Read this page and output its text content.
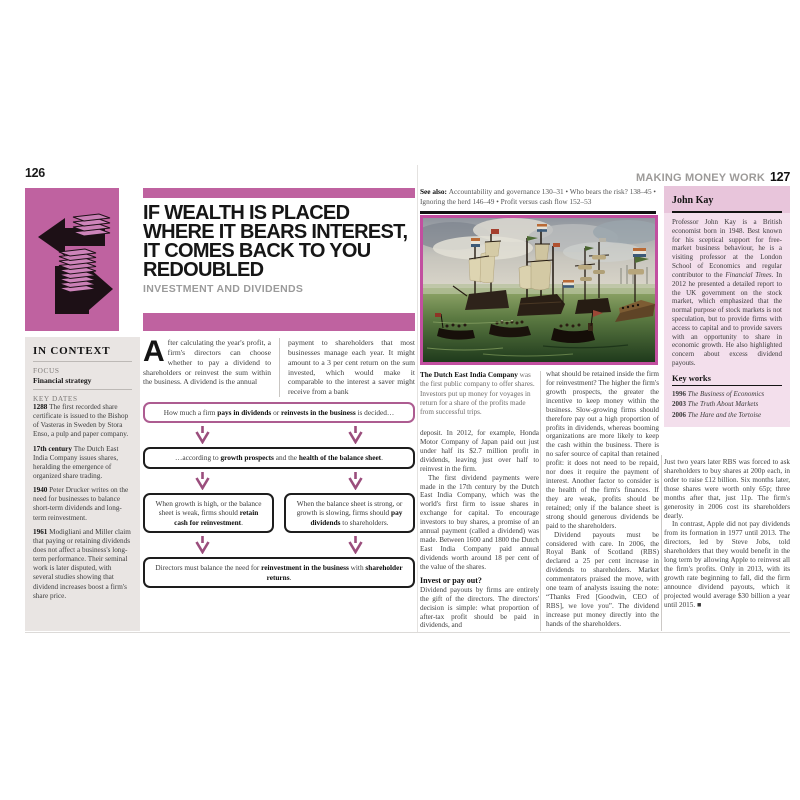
126
IF WEALTH IS PLACED
WHERE IT BEARS INTEREST,
IT COMES BACK TO YOU
REDOUBLED
INVESTMENT AND DIVIDENDS
IN CONTEXT
FOCUS
Financial strategy
KEY DATES

1288 The first recorded share certificate is issued to the Bishop of Vasteras in Sweden by Stora Enso, a pulp and paper company.

17th century The Dutch East India Company issues shares, heralding the emergence of organized share trading.

1940 Peter Drucker writes on the need for businesses to balance short-term dividends and long-term reinvestment.

1961 Modigliani and Miller claim that paying or retaining dividends does not affect a business's long-term performance. Their seminal work is later disputed, with several studies showing that dividend increases boost a firm's share price.

After calculating the year's profit, a firm's directors can choose whether to pay a dividend to shareholders or reinvest the sum within the business. A dividend is the annual
payment to shareholders that most businesses manage each year. It might amount to a 3 per cent return on the sum invested, which would make it comparable to the interest a saver might receive from a bank
How much a firm pays in dividends or reinvests in the business is decided…
…according to growth prospects and the health of the balance sheet.
When growth is high, or the balance sheet is weak, firms should retain cash for reinvestment.
When the balance sheet is strong, or growth is slowing, firms should pay dividends to shareholders.
Directors must balance the need for reinvestment in the business with shareholder returns.
MAKING MONEY WORK 127
See also: Accountability and governance 130–31 • Who bears the risk? 138–45 • Ignoring the herd 146–49 • Profit versus cash flow 152–53
The Dutch East India Company was the first public company to offer shares. Investors put up money for voyages in return for a share of the profits made from successful trips.

deposit. In 2012, for example, Honda Motor Company of Japan paid out just under half its $2.7 million profit in dividends, leaving just over half to reinvest in the firm.

The first dividend payments were made in the 17th century by the Dutch East India Company, which was the world's first firm to issue shares in exchange for capital. To encourage investors to buy shares, a promise of an annual payment (called a dividend) was made. Between 1600 and 1800 the Dutch East India Company paid annual dividends worth around 18 per cent of the value of the shares.

Invest or pay out?

Dividend payouts by firms are entirely the gift of the directors. The directors' decision is simple: what proportion of after-tax profit should be paid in dividends, and

what should be retained inside the firm for reinvestment? The higher the firm's growth prospects, the greater the incentive to keep money within the business. Slow-growing firms should therefore pay out a high proportion of profits in dividends, whereas booming organizations are more likely to keep the cash within the business. There is no safer source of capital than retained profit: it does not need to be repaid, nor does it require the payment of interest. Another factor to consider is the health of the firm's finances. If they are weak, profits should be retained; only if the balance sheet is strong should generous dividends be paid to the shareholders.

Dividend payouts must be considered with care. In 2006, the Royal Bank of Scotland (RBS) declared a 25 per cent increase in dividends to shareholders. Market commentators praised the move, with one team of analysts issuing the note: “Thanks Fred [Goodwin, CEO of RBS], we love you”. The dividend increase put money directly into the hands of the shareholders.

John Kay
Professor John Kay is a British economist born in 1948. Best known for his sceptical support for free-market business behaviour, he is a visiting professor at the London School of Economics and regular contributor to the Financial Times. In 2012 he presented a detailed report to the UK government on the stock market, which emphasized that the normal purpose of stock markets is not speculation, but to provide firms with access to capital and to provide savers with an opportunity to share in economic growth. He also highlighted concern about excess dividend payouts.
Key works
1996 The Business of Economics
2003 The Truth About Markets
2006 The Hare and the Tortoise

Just two years later RBS was forced to ask shareholders to buy shares at 200p each, in order to raise £12 billion. Six months later, those shares were worth only 65p; three months after that, just 11p. The firm's generosity in 2006 cost its shareholders dearly.

In contrast, Apple did not pay dividends from its formation in 1977 until 2013. The directors, led by Steve Jobs, told shareholders that they would benefit in the long term by allowing Apple to reinvest all the firm's profits. Only in 2013, with its growth rate beginning to fall, did the firm announce dividend payouts, which it projected would average $30 billion a year until 2015. ■
